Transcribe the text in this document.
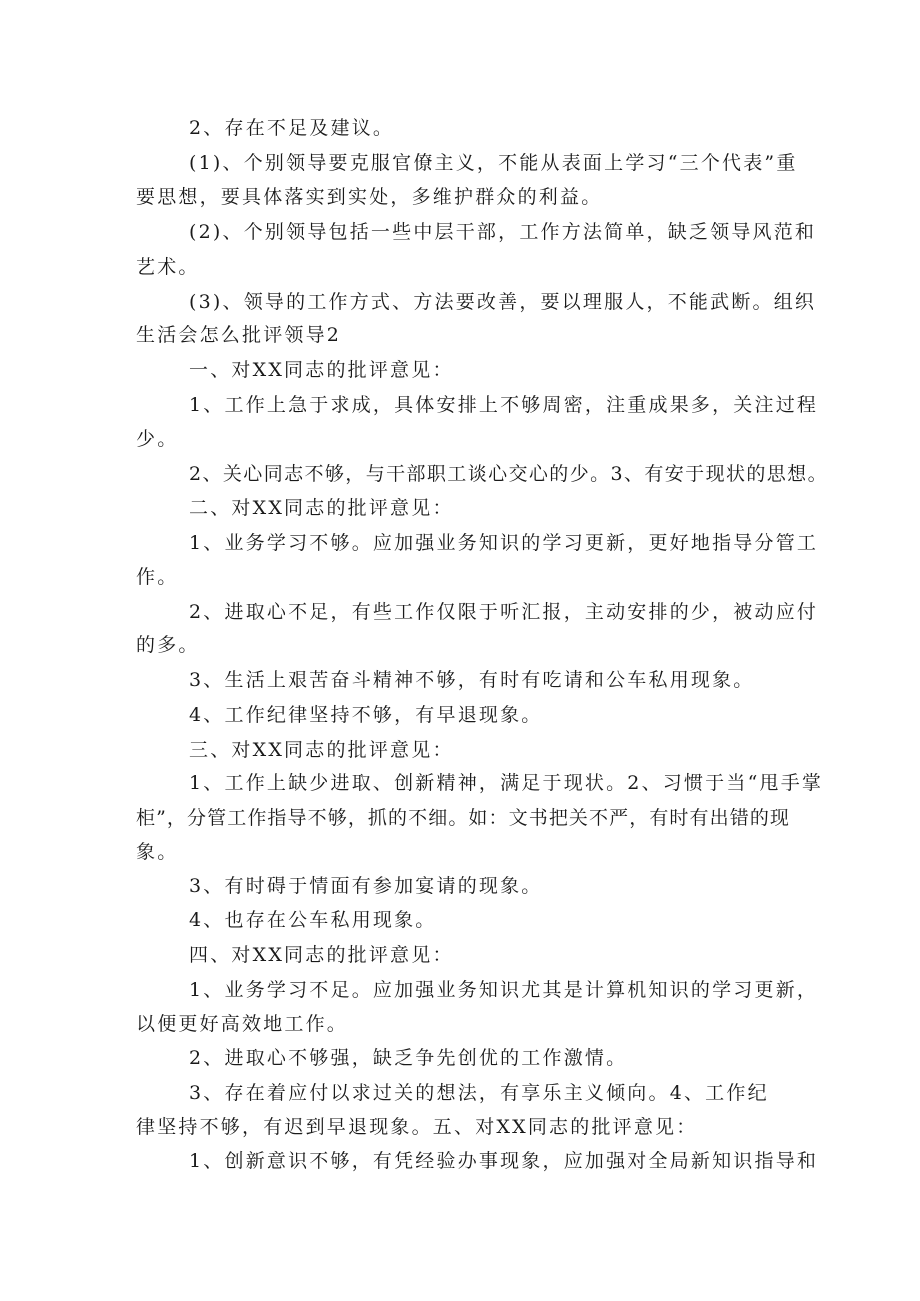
2、存在不足及建议。
(1)、个别领导要克服官僚主义，不能从表面上学习“三个代表”重
要思想，要具体落实到实处，多维护群众的利益。
(2)、个别领导包括一些中层干部，工作方法简单，缺乏领导风范和
艺术。
(3)、领导的工作方式、方法要改善，要以理服人，不能武断。组织
生活会怎么批评领导2
一、对XX同志的批评意见：
1、工作上急于求成，具体安排上不够周密，注重成果多，关注过程
少。
2、关心同志不够，与干部职工谈心交心的少。3、有安于现状的思想。
二、对XX同志的批评意见：
1、业务学习不够。应加强业务知识的学习更新，更好地指导分管工
作。
2、进取心不足，有些工作仅限于听汇报，主动安排的少，被动应付
的多。
3、生活上艰苦奋斗精神不够，有时有吃请和公车私用现象。
4、工作纪律坚持不够，有早退现象。
三、对XX同志的批评意见：
1、工作上缺少进取、创新精神，满足于现状。2、习惯于当“甩手掌
柜”，分管工作指导不够，抓的不细。如：文书把关不严，有时有出错的现
象。
3、有时碍于情面有参加宴请的现象。
4、也存在公车私用现象。
四、对XX同志的批评意见：
1、业务学习不足。应加强业务知识尤其是计算机知识的学习更新，
以便更好高效地工作。
2、进取心不够强，缺乏争先创优的工作激情。
3、存在着应付以求过关的想法，有享乐主义倾向。4、工作纪
律坚持不够，有迟到早退现象。五、对XX同志的批评意见：
1、创新意识不够，有凭经验办事现象，应加强对全局新知识指导和
